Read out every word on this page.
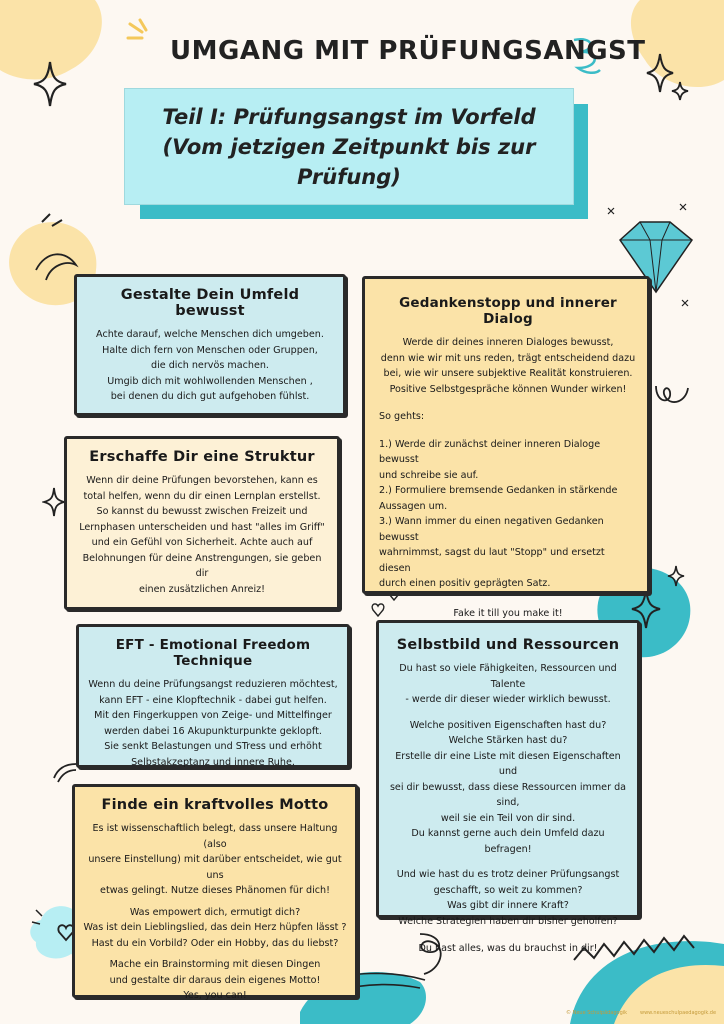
UMGANG MIT PRÜFUNGSANGST
Teil I: Prüfungsangst im Vorfeld
(Vom jetzigen Zeitpunkt bis zur Prüfung)
Gestalte Dein Umfeld bewusst

Achte darauf, welche Menschen dich umgeben.
Halte dich fern von Menschen oder Gruppen,
die dich nervös machen.
Umgib dich mit wohlwollenden Menschen ,
bei denen du dich gut aufgehoben fühlst.

Erschaffe Dir eine Struktur

Wenn dir deine Prüfungen bevorstehen, kann es
total helfen, wenn du dir einen Lernplan erstellst.
So kannst du bewusst zwischen Freizeit und
Lernphasen unterscheiden und hast "alles im Griff"
und ein Gefühl von Sicherheit. Achte auch auf
Belohnungen für deine Anstrengungen, sie geben dir
einen zusätzlichen Anreiz!

EFT - Emotional Freedom Technique

Wenn du deine Prüfungsangst reduzieren möchtest,
kann EFT - eine Klopftechnik - dabei gut helfen.
Mit den Fingerkuppen von Zeige- und Mittelfinger
werden dabei 16 Akupunkturpunkte geklopft.
Sie senkt Belastungen und STress und erhöht
Selbstakzeptanz und innere Ruhe.

Finde ein kraftvolles Motto

Es ist wissenschaftlich belegt, dass unsere Haltung (also
unsere Einstellung) mit darüber entscheidet, wie gut uns
etwas gelingt. Nutze dieses Phänomen für dich!

Was empowert dich, ermutigt dich?
Was ist dein Lieblingslied, das dein Herz hüpfen lässt ?
Hast du ein Vorbild? Oder ein Hobby, das du liebst?

Mache ein Brainstorming mit diesen Dingen
und gestalte dir daraus dein eigenes Motto!
Yes, you can!

Gedankenstopp und innerer Dialog

Werde dir deines inneren Dialoges bewusst,
denn wie wir mit uns reden, trägt entscheidend dazu
bei, wie wir unsere subjektive Realität konstruieren.
Positive Selbstgespräche können Wunder wirken!

So gehts:

1.) Werde dir zunächst deiner inneren Dialoge bewusst
und schreibe sie auf.
2.) Formuliere bremsende Gedanken in stärkende
Aussagen um.
3.) Wann immer du einen negativen Gedanken bewusst
wahrnimmst, sagst du laut "Stopp" und ersetzt diesen
durch einen positiv geprägten Satz.

Fake it till you make it!

Selbstbild und Ressourcen

Du hast so viele Fähigkeiten, Ressourcen und Talente
- werde dir dieser wieder wirklich bewusst.

Welche positiven Eigenschaften hast du?
Welche Stärken hast du?
Erstelle dir eine Liste mit diesen Eigenschaften und
sei dir bewusst, dass diese Ressourcen immer da sind,
weil sie ein Teil von dir sind.
Du kannst gerne auch dein Umfeld dazu befragen!

Und wie hast du es trotz deiner Prüfungsangst
geschafft, so weit zu kommen?
Was gibt dir innere Kraft?
Welche Strategien haben dir bisher geholfen?

Du hast alles, was du brauchst in dir!

© Neue Schulpädagogik	www.neueschulpaedagogik.de
